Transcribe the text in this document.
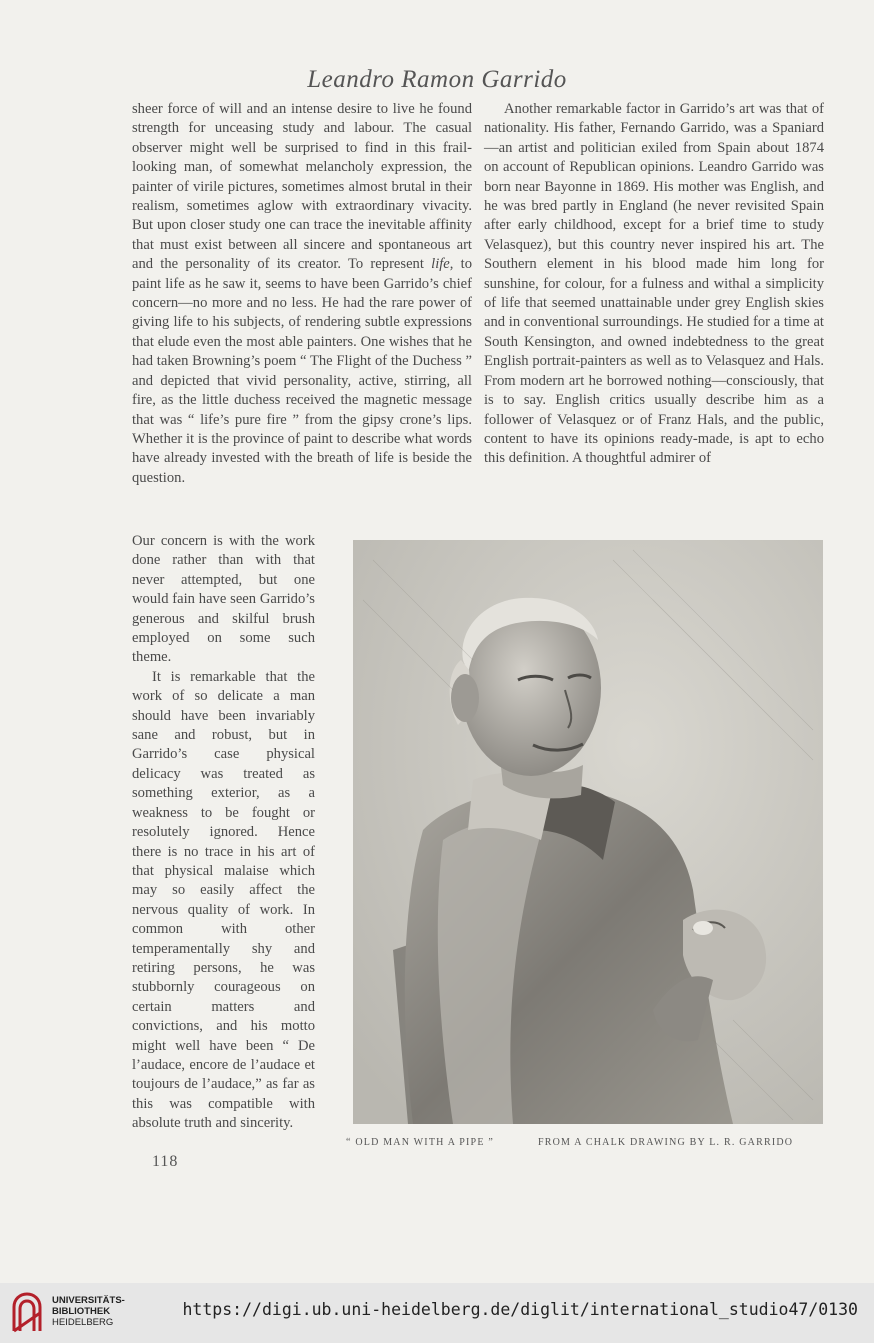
Leandro Ramon Garrido

sheer force of will and an intense desire to live he found strength for unceasing study and labour. The casual observer might well be surprised to find in this frail-looking man, of somewhat melancholy expression, the painter of virile pictures, sometimes almost brutal in their realism, sometimes aglow with extraordinary vivacity. But upon closer study one can trace the inevitable affinity that must exist between all sincere and spontaneous art and the personality of its creator. To represent life, to paint life as he saw it, seems to have been Garrido’s chief concern—no more and no less. He had the rare power of giving life to his subjects, of rendering subtle expressions that elude even the most able painters. One wishes that he had taken Browning’s poem “ The Flight of the Duchess ” and depicted that vivid personality, active, stirring, all fire, as the little duchess received the magnetic message that was “ life’s pure fire ” from the gipsy crone’s lips. Whether it is the province of paint to describe what words have already invested with the breath of life is beside the question.

Our concern is with the work done rather than with that never attempted, but one would fain have seen Garrido’s generous and skilful brush employed on some such theme.

It is remarkable that the work of so delicate a man should have been invariably sane and robust, but in Garrido’s case physical delicacy was treated as something exterior, as a weakness to be fought or resolutely ignored. Hence there is no trace in his art of that physical malaise which may so easily affect the nervous quality of work. In common with other temperamentally shy and retiring persons, he was stubbornly courageous on certain matters and convictions, and his motto might well have been “ De l’audace, encore de l’audace et toujours de l’audace,” as far as this was compatible with absolute truth and sincerity.

Another remarkable factor in Garrido’s art was that of nationality. His father, Fernando Garrido, was a Spaniard—an artist and politician exiled from Spain about 1874 on account of Republican opinions. Leandro Garrido was born near Bayonne in 1869. His mother was English, and he was bred partly in England (he never revisited Spain after early childhood, except for a brief time to study Velasquez), but this country never inspired his art. The Southern element in his blood made him long for sunshine, for colour, for a fulness and withal a simplicity of life that seemed unattainable under grey English skies and in conventional surroundings. He studied for a time at South Kensington, and owned indebtedness to the great English portrait-painters as well as to Velasquez and Hals. From modern art he borrowed nothing—consciously, that is to say. English critics usually describe him as a follower of Velasquez or of Franz Hals, and the public, content to have its opinions ready-made, is apt to echo this definition. A thoughtful admirer of

“ OLD MAN WITH A PIPE ”	FROM A CHALK DRAWING BY L. R. GARRIDO
118
UNIVERSITÄTS-
BIBLIOTHEK
HEIDELBERG
https://digi.ub.uni-heidelberg.de/diglit/international_studio47/0130
